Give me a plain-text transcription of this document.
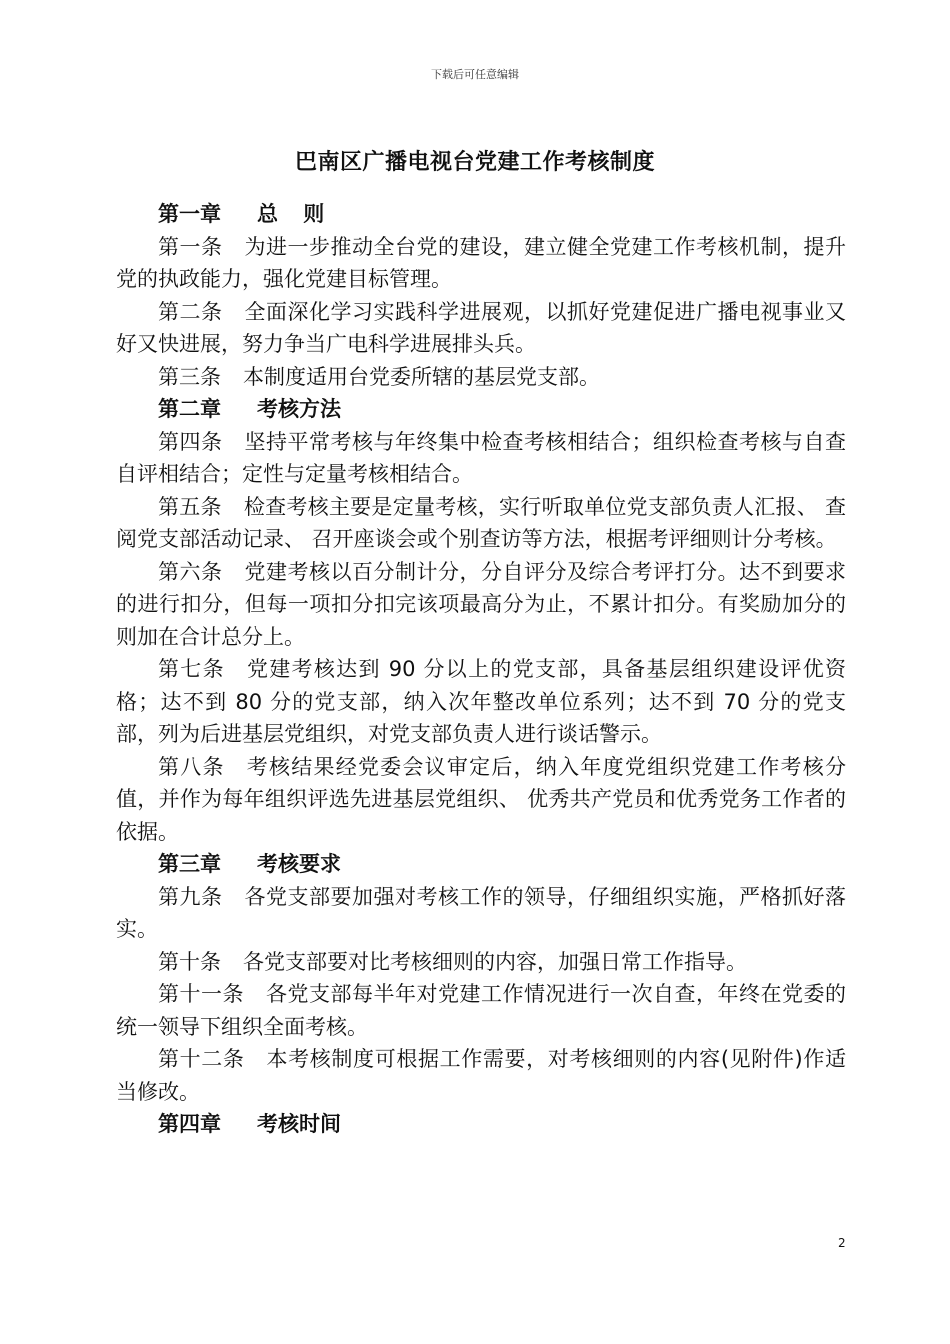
下载后可任意编辑
巴南区广播电视台党建工作考核制度

第一章 总则

第一条 为进一步推动全台党的建设，建立健全党建工作考核机制，提升党的执政能力，强化党建目标管理。

第二条 全面深化学习实践科学进展观，以抓好党建促进广播电视事业又好又快进展，努力争当广电科学进展排头兵。

第三条 本制度适用台党委所辖的基层党支部。

第二章 考核方法

第四条 坚持平常考核与年终集中检查考核相结合；组织检查考核与自查自评相结合；定性与定量考核相结合。

第五条 检查考核主要是定量考核，实行听取单位党支部负责人汇报、 查阅党支部活动记录、 召开座谈会或个别查访等方法，根据考评细则计分考核。

第六条 党建考核以百分制计分，分自评分及综合考评打分。达不到要求的进行扣分，但每一项扣分扣完该项最高分为止，不累计扣分。有奖励加分的则加在合计总分上。

第七条 党建考核达到 90 分以上的党支部，具备基层组织建设评优资格；达不到 80 分的党支部，纳入次年整改单位系列；达不到 70 分的党支部，列为后进基层党组织，对党支部负责人进行谈话警示。

第八条 考核结果经党委会议审定后，纳入年度党组织党建工作考核分值，并作为每年组织评选先进基层党组织、 优秀共产党员和优秀党务工作者的依据。

第三章 考核要求

第九条 各党支部要加强对考核工作的领导，仔细组织实施，严格抓好落实。

第十条 各党支部要对比考核细则的内容，加强日常工作指导。

第十一条 各党支部每半年对党建工作情况进行一次自查，年终在党委的统一领导下组织全面考核。

第十二条 本考核制度可根据工作需要，对考核细则的内容(见附件)作适当修改。

第四章 考核时间

2
